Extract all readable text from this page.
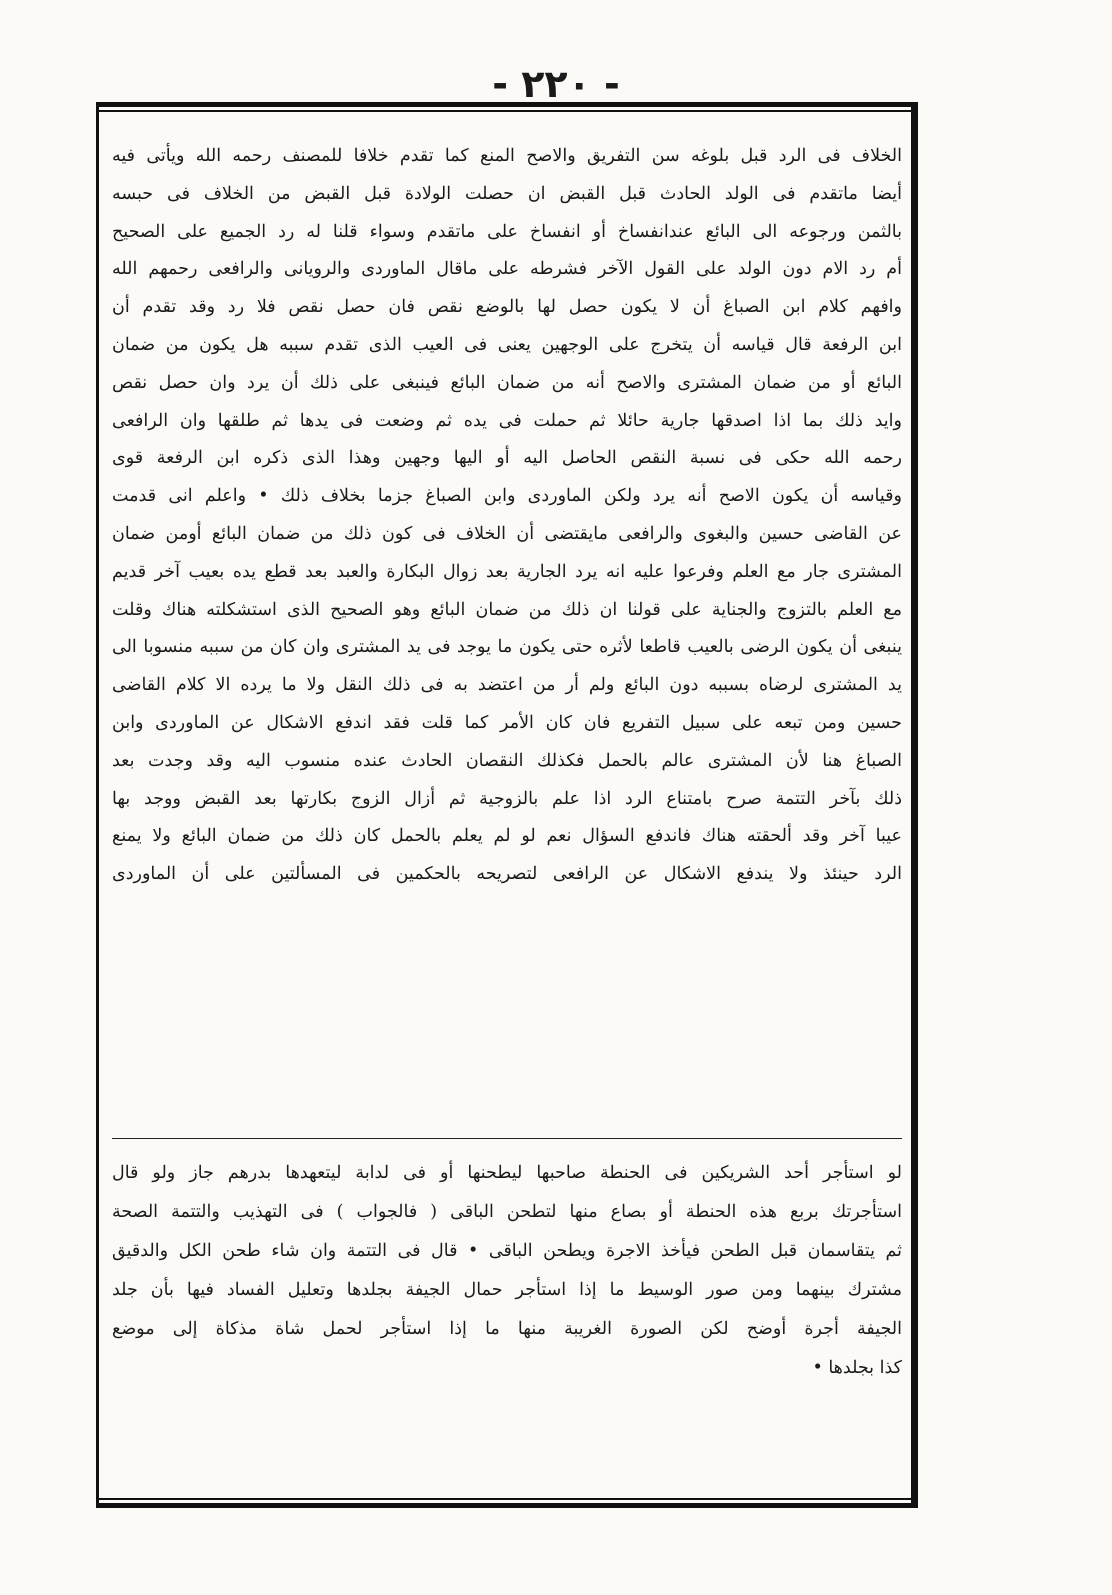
- ٢٢٠ -
الخلاف فى الرد قبل بلوغه سن التفريق والاصح المنع كما تقدم خلافا للمصنف رحمه الله ويأتى فيه
أيضا ماتقدم فى الولد الحادث قبل القبض ان حصلت الولادة قبل القبض من الخلاف فى حبسه
بالثمن ورجوعه الى البائع عندانفساخ أو انفساخ على ماتقدم وسواء قلنا له رد الجميع على الصحيح
أم رد الام دون الولد على القول الآخر فشرطه على ماقال الماوردى والرويانى والرافعى رحمهم الله
وافهم كلام ابن الصباغ أن لا يكون حصل لها بالوضع نقص فان حصل نقص فلا رد وقد تقدم أن
ابن الرفعة قال قياسه أن يتخرج على الوجهين يعنى فى العيب الذى تقدم سببه هل يكون من ضمان
البائع أو من ضمان المشترى والاصح أنه من ضمان البائع فينبغى على ذلك أن يرد وان حصل نقص
وايد ذلك بما اذا اصدقها جارية حائلا ثم حملت فى يده ثم وضعت فى يدها ثم طلقها وان الرافعى
رحمه الله حكى فى نسبة النقص الحاصل اليه أو اليها وجهين وهذا الذى ذكره ابن الرفعة قوى
وقياسه أن يكون الاصح أنه يرد ولكن الماوردى وابن الصباغ جزما بخلاف ذلك • واعلم انى قدمت
عن القاضى حسين والبغوى والرافعى مايقتضى أن الخلاف فى كون ذلك من ضمان البائع أومن ضمان
المشترى جار مع العلم وفرعوا عليه انه يرد الجارية بعد زوال البكارة والعبد بعد قطع يده بعيب آخر قديم
مع العلم بالتزوج والجناية على قولنا ان ذلك من ضمان البائع وهو الصحيح الذى استشكلته هناك وقلت
ينبغى أن يكون الرضى بالعيب قاطعا لأثره حتى يكون ما يوجد فى يد المشترى وان كان من سببه منسوبا الى
يد المشترى لرضاه بسببه دون البائع ولم أر من اعتضد به فى ذلك النقل ولا ما يرده الا كلام القاضى
حسين ومن تبعه على سبيل التفريع فان كان الأمر كما قلت فقد اندفع الاشكال عن الماوردى وابن
الصباغ هنا لأن المشترى عالم بالحمل فكذلك النقصان الحادث عنده منسوب اليه وقد وجدت بعد
ذلك بآخر التتمة صرح بامتناع الرد اذا علم بالزوجية ثم أزال الزوج بكارتها بعد القبض ووجد بها
عيبا آخر وقد ألحقته هناك فاندفع السؤال نعم لو لم يعلم بالحمل كان ذلك من ضمان البائع ولا يمنع
الرد حينئذ ولا يندفع الاشكال عن الرافعى لتصريحه بالحكمين فى المسألتين على أن الماوردى
لو استأجر أحد الشريكين فى الحنطة صاحبها ليطحنها أو فى لدابة ليتعهدها بدرهم جاز ولو قال
استأجرتك بربع هذه الحنطة أو بصاع منها لتطحن الباقى ( فالجواب ) فى التهذيب والتتمة الصحة
ثم يتقاسمان قبل الطحن فيأخذ الاجرة ويطحن الباقى • قال فى التتمة وان شاء طحن الكل والدقيق
مشترك بينهما ومن صور الوسيط ما إذا استأجر حمال الجيفة بجلدها وتعليل الفساد فيها بأن جلد
الجيفة أجرة أوضح لكن الصورة الغريبة منها ما إذا استأجر لحمل شاة مذكاة إلى موضع
كذا بجلدها •
